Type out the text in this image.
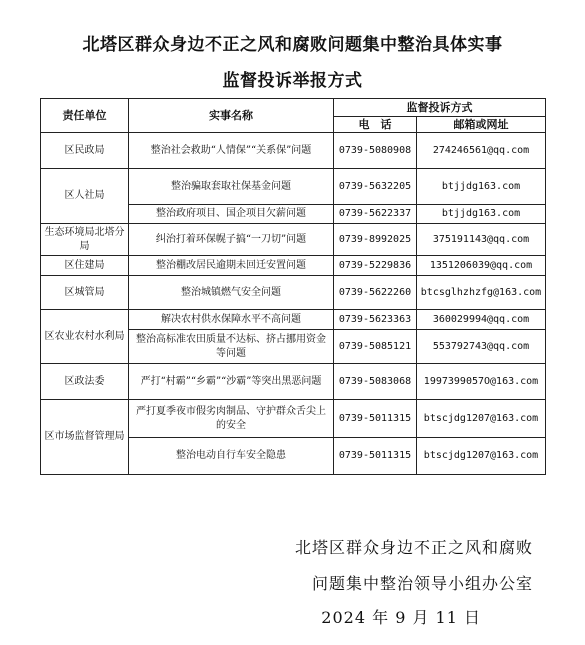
北塔区群众身边不正之风和腐败问题集中整治具体实事
监督投诉举报方式
责任单位	实事名称	监督投诉方式	
		电　话	邮箱或网址
区民政局	整治社会救助“人情保”“关系保”问题	0739-5080908	274246561@qq.com
区人社局	整治骗取套取社保基金问题	0739-5632205	btjjdg163.com
	整治政府项目、国企项目欠薪问题	0739-5622337	btjjdg163.com
生态环境局北塔分局	纠治打着环保幌子搞“一刀切”问题	0739-8992025	375191143@qq.com
区住建局	整治棚改居民逾期未回迁安置问题	0739-5229836	1351206039@qq.com
区城管局	整治城镇燃气安全问题	0739-5622260	btcsglhzhzfg@163.com
区农业农村水利局	解决农村供水保障水平不高问题	0739-5623363	360029994@qq.com
	整治高标准农田质量不达标、挤占挪用资金等问题	0739-5085121	553792743@qq.com
区政法委	严打“村霸”“乡霸”“沙霸”等突出黑恶问题	0739-5083068	1997399057O@163.com
区市场监督管理局	严打夏季夜市假劣肉制品、守护群众舌尖上的安全	0739-5011315	btscjdg1207@163.com
	整治电动自行车安全隐患	0739-5011315	btscjdg1207@163.com
北塔区群众身边不正之风和腐败
问题集中整治领导小组办公室
2024 年 9 月 11 日
